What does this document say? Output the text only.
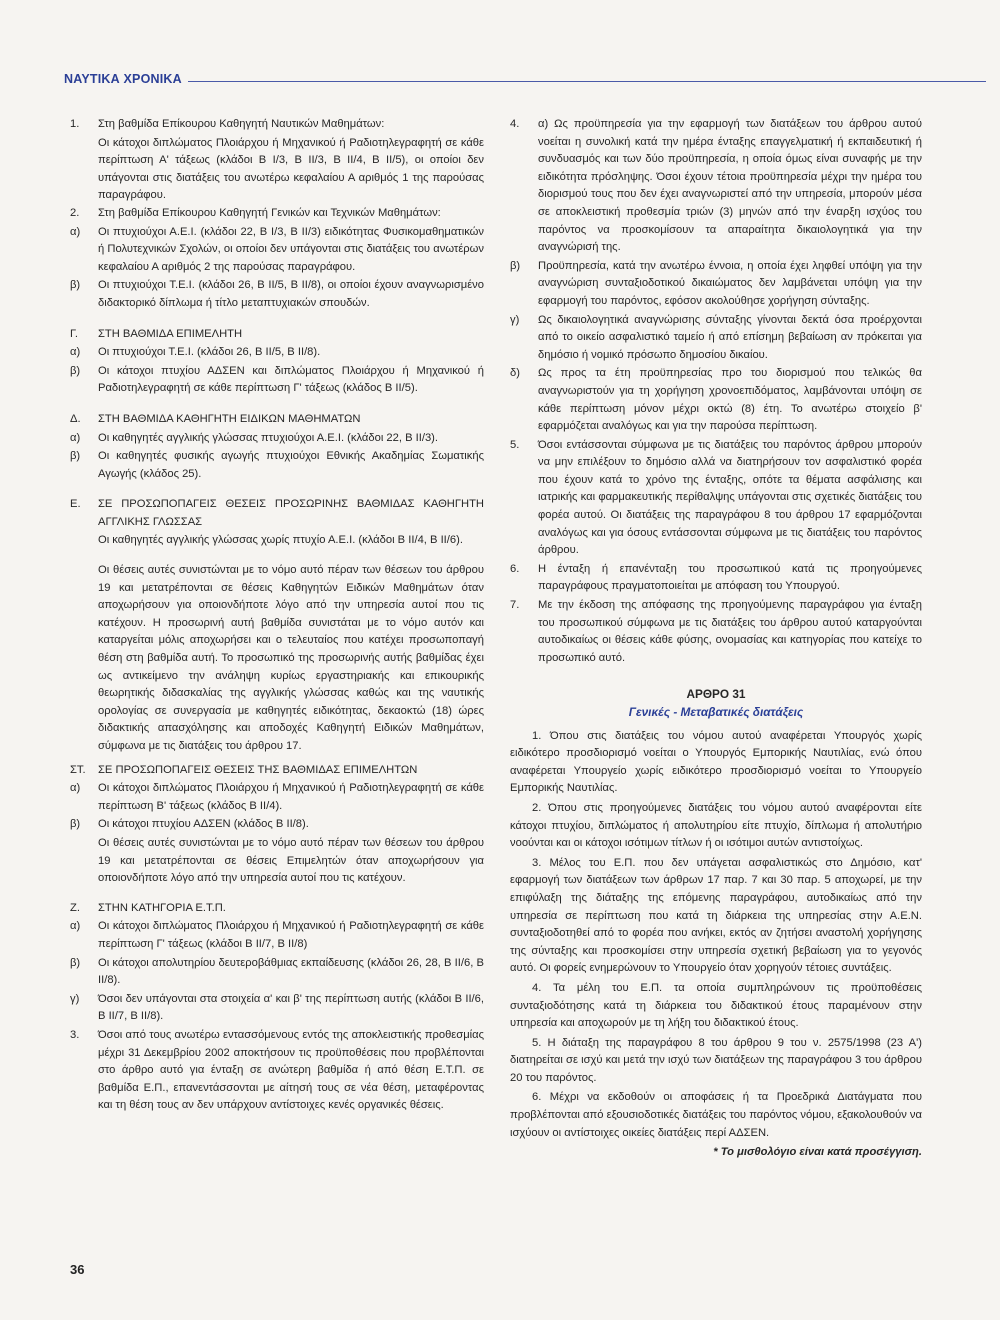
ΝΑΥΤΙΚΑ ΧΡΟΝΙΚΑ
1.	Στη βαθμίδα Επίκουρου Καθηγητή Ναυτικών Μαθημάτων:
Οι κάτοχοι διπλώματος Πλοιάρχου ή Μηχανικού ή Ραδιοτηλεγραφητή σε κάθε περίπτωση Α' τάξεως (κλάδοι Β Ι/3, Β ΙΙ/3, Β ΙΙ/4, Β ΙΙ/5), οι οποίοι δεν υπάγονται στις διατάξεις του ανωτέρω κεφαλαίου Α αριθμός 1 της παρούσας παραγράφου.
2.	Στη βαθμίδα Επίκουρου Καθηγητή Γενικών και Τεχνικών Μαθημάτων:
α)	Οι πτυχιούχοι Α.Ε.Ι. (κλάδοι 22, Β Ι/3, Β ΙΙ/3) ειδικότητας Φυσικομαθηματικών ή Πολυτεχνικών Σχολών, οι οποίοι δεν υπάγονται στις διατάξεις του ανωτέρων κεφαλαίου Α αριθμός 2 της παρούσας παραγράφου.
β)	Οι πτυχιούχοι Τ.Ε.Ι. (κλάδοι 26, Β ΙΙ/5, Β ΙΙ/8), οι οποίοι έχουν αναγνωρισμένο διδακτορικό δίπλωμα ή τίτλο μεταπτυχιακών σπουδών.
Γ.	ΣΤΗ ΒΑΘΜΙΔΑ ΕΠΙΜΕΛΗΤΗ
α)	Οι πτυχιούχοι Τ.Ε.Ι. (κλάδοι 26, Β ΙΙ/5, Β ΙΙ/8).
β)	Οι κάτοχοι πτυχίου ΑΔΣΕΝ και διπλώματος Πλοιάρχου ή Μηχανικού ή Ραδιοτηλεγραφητή σε κάθε περίπτωση Γ' τάξεως (κλάδος Β ΙΙ/5).
Δ.	ΣΤΗ ΒΑΘΜΙΔΑ ΚΑΘΗΓΗΤΗ ΕΙΔΙΚΩΝ ΜΑΘΗΜΑΤΩΝ
α)	Οι καθηγητές αγγλικής γλώσσας πτυχιούχοι Α.Ε.Ι. (κλάδοι 22, Β ΙΙ/3).
β)	Οι καθηγητές φυσικής αγωγής πτυχιούχοι Εθνικής Ακαδημίας Σωματικής Αγωγής (κλάδος 25).
Ε.	ΣΕ ΠΡΟΣΩΠΟΠΑΓΕΙΣ ΘΕΣΕΙΣ ΠΡΟΣΩΡΙΝΗΣ ΒΑΘΜΙΔΑΣ ΚΑΘΗΓΗΤΗ ΑΓΓΛΙΚΗΣ ΓΛΩΣΣΑΣ
Οι καθηγητές αγγλικής γλώσσας χωρίς πτυχίο Α.Ε.Ι. (κλάδοι Β ΙΙ/4, Β ΙΙ/6).
Οι θέσεις αυτές συνιστώνται με το νόμο αυτό πέραν των θέσεων του άρθρου 19 και μετατρέπονται σε θέσεις Καθηγητών Ειδικών Μαθημάτων όταν αποχωρήσουν για οποιονδήποτε λόγο από την υπηρεσία αυτοί που τις κατέχουν. Η προσωρινή αυτή βαθμίδα συνιστάται με το νόμο αυτόν και καταργείται μόλις αποχωρήσει και ο τελευταίος που κατέχει προσωποπαγή θέση στη βαθμίδα αυτή. Το προσωπικό της προσωρινής αυτής βαθμίδας έχει ως αντικείμενο την ανάληψη κυρίως εργαστηριακής και επικουρικής θεωρητικής διδασκαλίας της αγγλικής γλώσσας καθώς και της ναυτικής ορολογίας σε συνεργασία με καθηγητές ειδικότητας, δεκαοκτώ (18) ώρες διδακτικής απασχόλησης και αποδοχές Καθηγητή Ειδικών Μαθημάτων, σύμφωνα με τις διατάξεις του άρθρου 17.
ΣΤ.	ΣΕ ΠΡΟΣΩΠΟΠΑΓΕΙΣ ΘΕΣΕΙΣ ΤΗΣ ΒΑΘΜΙΔΑΣ ΕΠΙΜΕΛΗΤΩΝ
α)	Οι κάτοχοι διπλώματος Πλοιάρχου ή Μηχανικού ή Ραδιοτηλεγραφητή σε κάθε περίπτωση Β' τάξεως (κλάδος Β ΙΙ/4).
β)	Οι κάτοχοι πτυχίου ΑΔΣΕΝ (κλάδος Β ΙΙ/8).
Οι θέσεις αυτές συνιστώνται με το νόμο αυτό πέραν των θέσεων του άρθρου 19 και μετατρέπονται σε θέσεις Επιμελητών όταν αποχωρήσουν για οποιονδήποτε λόγο από την υπηρεσία αυτοί που τις κατέχουν.
Ζ.	ΣΤΗΝ ΚΑΤΗΓΟΡΙΑ Ε.Τ.Π.
α)	Οι κάτοχοι διπλώματος Πλοιάρχου ή Μηχανικού ή Ραδιοτηλεγραφητή σε κάθε περίπτωση Γ' τάξεως (κλάδοι Β ΙΙ/7, Β ΙΙ/8)
β)	Οι κάτοχοι απολυτηρίου δευτεροβάθμιας εκπαίδευσης (κλάδοι 26, 28, Β ΙΙ/6, Β ΙΙ/8).
γ)	Όσοι δεν υπάγονται στα στοιχεία α' και β' της περίπτωση αυτής (κλάδοι Β ΙΙ/6, Β ΙΙ/7, Β ΙΙ/8).
3.	Όσοι από τους ανωτέρω εντασσόμενους εντός της αποκλειστικής προθεσμίας μέχρι 31 Δεκεμβρίου 2002 αποκτήσουν τις προϋποθέσεις που προβλέπονται στο άρθρο αυτό για ένταξη σε ανώτερη βαθμίδα ή από θέση Ε.Τ.Π. σε βαθμίδα Ε.Π., επανεντάσσονται με αίτησή τους σε νέα θέση, μεταφέροντας και τη θέση τους αν δεν υπάρχουν αντίστοιχες κενές οργανικές θέσεις.
4.	α) Ως προϋπηρεσία για την εφαρμογή των διατάξεων του άρθρου αυτού νοείται η συνολική κατά την ημέρα ένταξης επαγγελματική ή εκπαιδευτική ή συνδυασμός και των δύο προϋπηρεσία, η οποία όμως είναι συναφής με την ειδικότητα πρόσληψης. Όσοι έχουν τέτοια προϋπηρεσία μέχρι την ημέρα του διορισμού τους που δεν έχει αναγνωριστεί από την υπηρεσία, μπορούν μέσα σε αποκλειστική προθεσμία τριών (3) μηνών από την έναρξη ισχύος του παρόντος να προσκομίσουν τα απαραίτητα δικαιολογητικά για την αναγνώρισή της.
β)	Προϋπηρεσία, κατά την ανωτέρω έννοια, η οποία έχει ληφθεί υπόψη για την αναγνώριση συνταξιοδοτικού δικαιώματος δεν λαμβάνεται υπόψη για την εφαρμογή του παρόντος, εφόσον ακολούθησε χορήγηση σύνταξης.
γ)	Ως δικαιολογητικά αναγνώρισης σύνταξης γίνονται δεκτά όσα προέρχονται από το οικείο ασφαλιστικό ταμείο ή από επίσημη βεβαίωση αν πρόκειται για δημόσιο ή νομικό πρόσωπο δημοσίου δικαίου.
δ)	Ως προς τα έτη προϋπηρεσίας προ του διορισμού που τελικώς θα αναγνωριστούν για τη χορήγηση χρονοεπιδόματος, λαμβάνονται υπόψη σε κάθε περίπτωση μόνον μέχρι οκτώ (8) έτη. Το ανωτέρω στοιχείο β' εφαρμόζεται αναλόγως και για την παρούσα περίπτωση.
5.	Όσοι εντάσσονται σύμφωνα με τις διατάξεις του παρόντος άρθρου μπορούν να μην επιλέξουν το δημόσιο αλλά να διατηρήσουν τον ασφαλιστικό φορέα που έχουν κατά το χρόνο της ένταξης, οπότε τα θέματα ασφάλισης και ιατρικής και φαρμακευτικής περίθαλψης υπάγονται στις σχετικές διατάξεις του φορέα αυτού. Οι διατάξεις της παραγράφου 8 του άρθρου 17 εφαρμόζονται αναλόγως και για όσους εντάσσονται σύμφωνα με τις διατάξεις του παρόντος άρθρου.
6.	Η ένταξη ή επανένταξη του προσωπικού κατά τις προηγούμενες παραγράφους πραγματοποιείται με απόφαση του Υπουργού.
7.	Με την έκδοση της απόφασης της προηγούμενης παραγράφου για ένταξη του προσωπικού σύμφωνα με τις διατάξεις του άρθρου αυτού καταργούνται αυτοδικαίως οι θέσεις κάθε φύσης, ονομασίας και κατηγορίας που κατείχε το προσωπικό αυτό.
ΑΡΘΡΟ 31
Γενικές - Μεταβατικές διατάξεις
1. Όπου στις διατάξεις του νόμου αυτού αναφέρεται Υπουργός χωρίς ειδικότερο προσδιορισμό νοείται ο Υπουργός Εμπορικής Ναυτιλίας, ενώ όπου αναφέρεται Υπουργείο χωρίς ειδικότερο προσδιορισμό νοείται το Υπουργείο Εμπορικής Ναυτιλίας.
2. Όπου στις προηγούμενες διατάξεις του νόμου αυτού αναφέρονται είτε κάτοχοι πτυχίου, διπλώματος ή απολυτηρίου είτε πτυχίο, δίπλωμα ή απολυτήριο νοούνται και οι κάτοχοι ισότιμων τίτλων ή οι ισότιμοι αυτών αντιστοίχως.
3. Μέλος του Ε.Π. που δεν υπάγεται ασφαλιστικώς στο Δημόσιο, κατ' εφαρμογή των διατάξεων των άρθρων 17 παρ. 7 και 30 παρ. 5 αποχωρεί, με την επιφύλαξη της διάταξης της επόμενης παραγράφου, αυτοδικαίως από την υπηρεσία σε περίπτωση που κατά τη διάρκεια της υπηρεσίας στην Α.Ε.Ν. συνταξιοδοτηθεί από το φορέα που ανήκει, εκτός αν ζητήσει αναστολή χορήγησης της σύνταξης και προσκομίσει στην υπηρεσία σχετική βεβαίωση για το γεγονός αυτό. Οι φορείς ενημερώνουν το Υπουργείο όταν χορηγούν τέτοιες συντάξεις.
4. Τα μέλη του Ε.Π. τα οποία συμπληρώνουν τις προϋποθέσεις συνταξιοδότησης κατά τη διάρκεια του διδακτικού έτους παραμένουν στην υπηρεσία και αποχωρούν με τη λήξη του διδακτικού έτους.
5. Η διάταξη της παραγράφου 8 του άρθρου 9 του ν. 2575/1998 (23 Α') διατηρείται σε ισχύ και μετά την ισχύ των διατάξεων της παραγράφου 3 του άρθρου 20 του παρόντος.
6. Μέχρι να εκδοθούν οι αποφάσεις ή τα Προεδρικά Διατάγματα που προβλέπονται από εξουσιοδοτικές διατάξεις του παρόντος νόμου, εξακολουθούν να ισχύουν οι αντίστοιχες οικείες διατάξεις περί ΑΔΣΕΝ.
* Το μισθολόγιο είναι κατά προσέγγιση.
36
